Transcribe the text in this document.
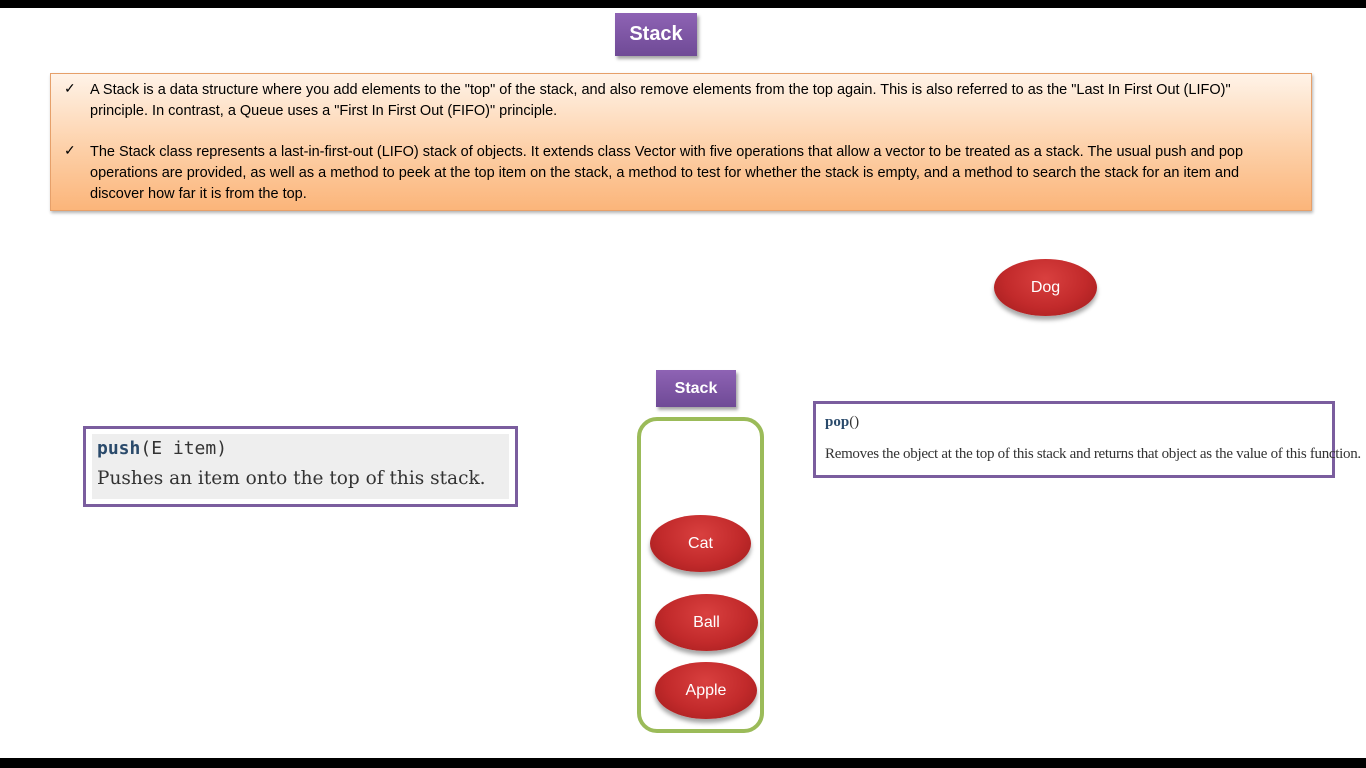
Stack
✓ A Stack is a data structure where you add elements to the "top" of the stack, and also remove elements from the top again. This is also referred to as the "Last In First Out (LIFO)" principle. In contrast, a Queue uses a "First In First Out (FIFO)" principle.
✓ The Stack class represents a last-in-first-out (LIFO) stack of objects. It extends class Vector with five operations that allow a vector to be treated as a stack. The usual push and pop operations are provided, as well as a method to peek at the top item on the stack, a method to test for whether the stack is empty, and a method to search the stack for an item and discover how far it is from the top.
Dog
Stack
Cat
Ball
Apple
push(E item)
Pushes an item onto the top of this stack.
pop()
Removes the object at the top of this stack and returns that object as the value of this function.
